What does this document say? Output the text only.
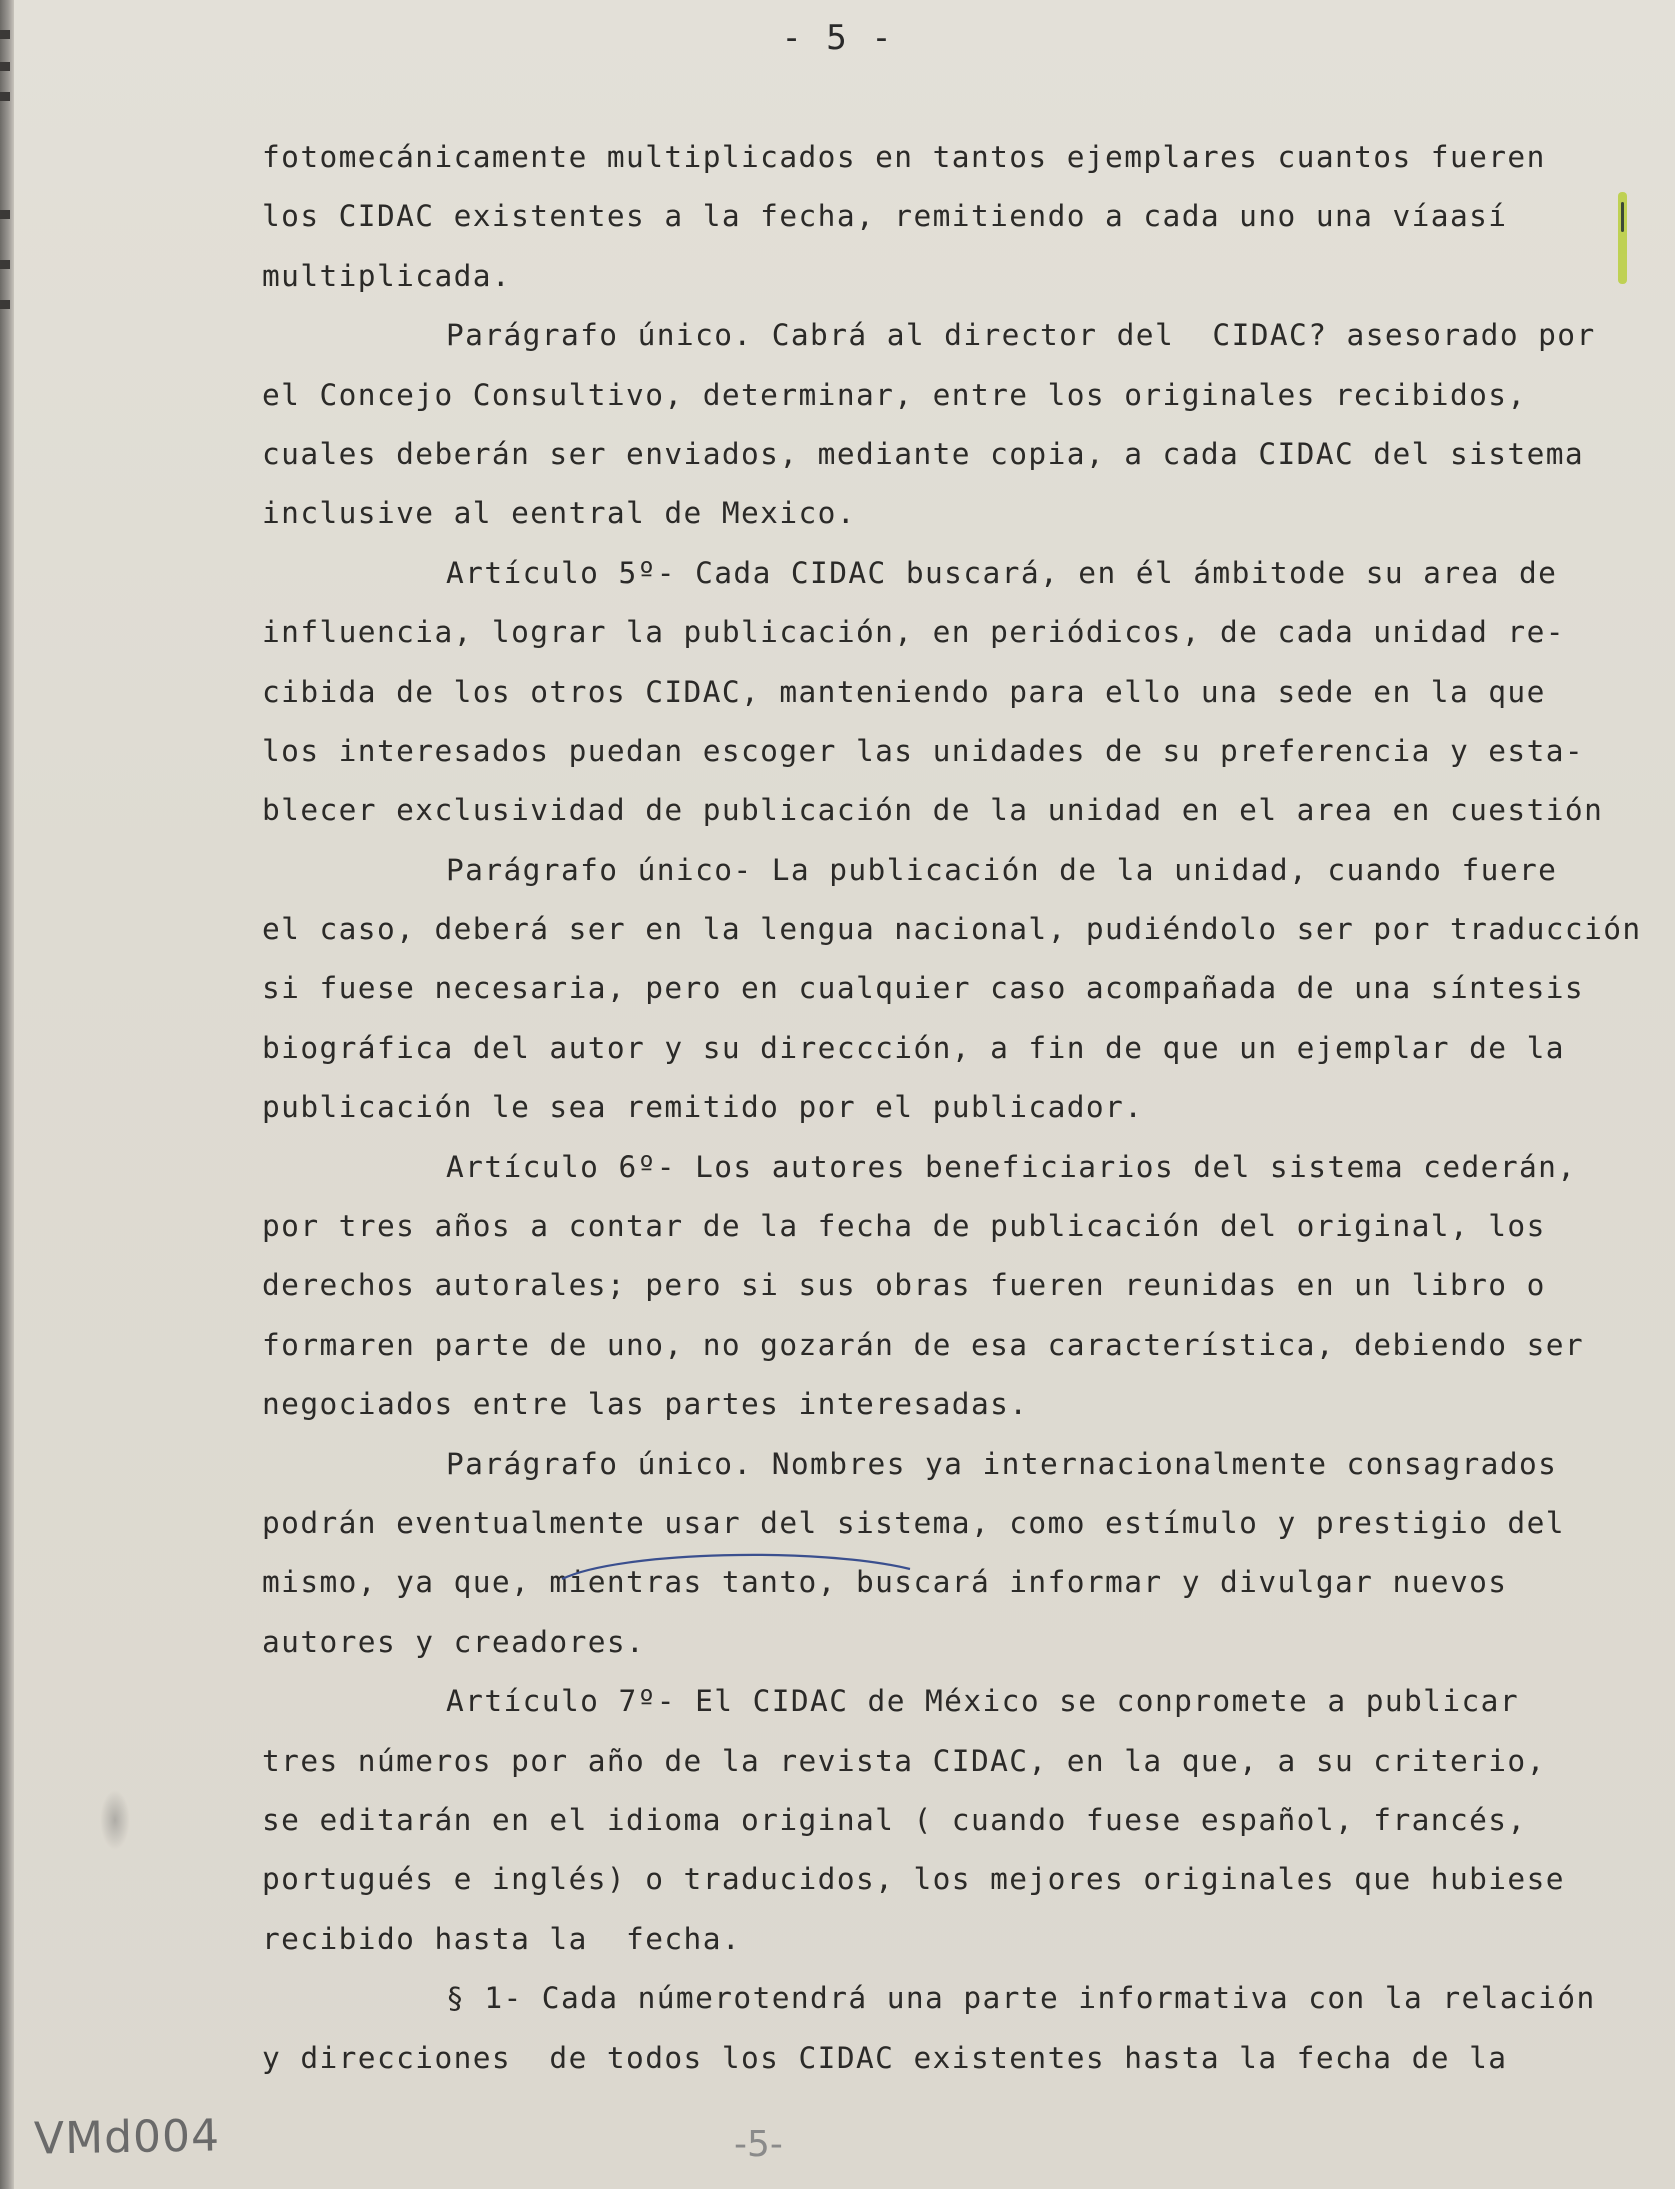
- 5 -
fotomecánicamente multiplicados en tantos ejemplares cuantos fueren
los CIDAC existentes a la fecha, remitiendo a cada uno una víaasí
multiplicada.
Parágrafo único. Cabrá al director del  CIDAC? asesorado por
el Concejo Consultivo, determinar, entre los originales recibidos,
cuales deberán ser enviados, mediante copia, a cada CIDAC del sistema
inclusive al eentral de Mexico.
Artículo 5º- Cada CIDAC buscará, en él ámbitode su area de
influencia, lograr la publicación, en periódicos, de cada unidad re-
cibida de los otros CIDAC, manteniendo para ello una sede en la que
los interesados puedan escoger las unidades de su preferencia y esta-
blecer exclusividad de publicación de la unidad en el area en cuestión
Parágrafo único- La publicación de la unidad, cuando fuere
el caso, deberá ser en la lengua nacional, pudiéndolo ser por traducción
si fuese necesaria, pero en cualquier caso acompañada de una síntesis
biográfica del autor y su direccción, a fin de que un ejemplar de la
publicación le sea remitido por el publicador.
Artículo 6º- Los autores beneficiarios del sistema cederán,
por tres años a contar de la fecha de publicación del original, los
derechos autorales; pero si sus obras fueren reunidas en un libro o
formaren parte de uno, no gozarán de esa característica, debiendo ser
negociados entre las partes interesadas.
Parágrafo único. Nombres ya internacionalmente consagrados
podrán eventualmente usar del sistema, como estímulo y prestigio del
mismo, ya que, mientras tanto, buscará informar y divulgar nuevos
autores y creadores.
Artículo 7º- El CIDAC de México se conpromete a publicar
tres números por año de la revista CIDAC, en la que, a su criterio,
se editarán en el idioma original ( cuando fuese español, francés,
portugués e inglés) o traducidos, los mejores originales que hubiese
recibido hasta la  fecha.
§ 1- Cada númerotendrá una parte informativa con la relación
y direcciones  de todos los CIDAC existentes hasta la fecha de la
VMd004	-5-
